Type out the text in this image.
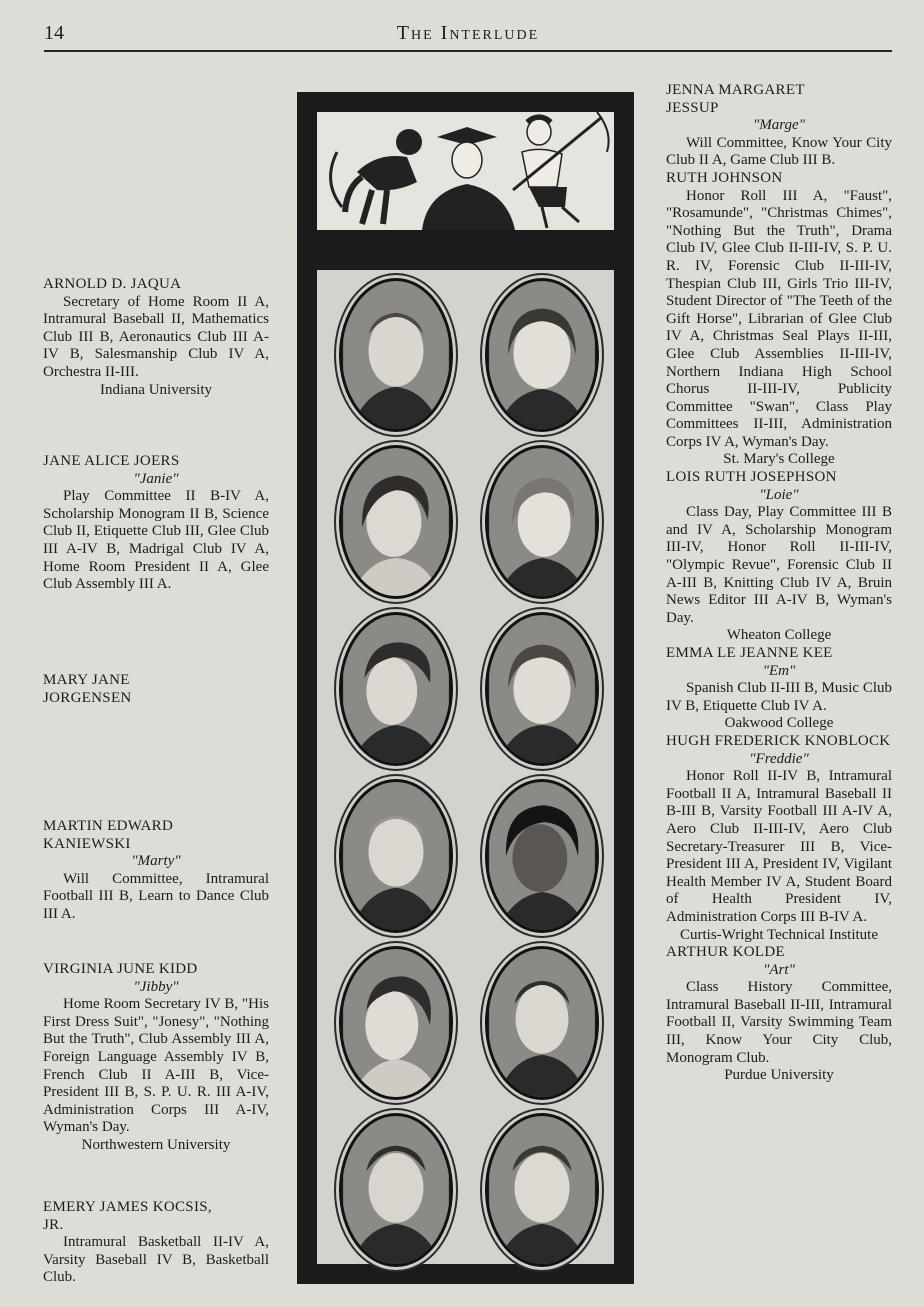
14	The Interlude
ARNOLD D. JAQUA
Secretary of Home Room II A, Intramural Baseball II, Mathematics Club III B, Aeronautics Club III A-IV B, Salesmanship Club IV A, Orchestra II-III.
Indiana University
JANE ALICE JOERS
"Janie"
Play Committee II B-IV A, Scholarship Monogram II B, Science Club II, Etiquette Club III, Glee Club III A-IV B, Madrigal Club IV A, Home Room President II A, Glee Club Assembly III A.
MARY JANE JORGENSEN
MARTIN EDWARD KANIEWSKI
"Marty"
Will Committee, Intramural Football III B, Learn to Dance Club III A.
VIRGINIA JUNE KIDD
"Jibby"
Home Room Secretary IV B, "His First Dress Suit", "Jonesy", "Nothing But the Truth", Club Assembly III A, Foreign Language Assembly IV B, French Club II A-III B, Vice-President III B, S. P. U. R. III A-IV, Administration Corps III A-IV, Wyman's Day.
Northwestern University
EMERY JAMES KOCSIS, JR.
Intramural Basketball II-IV A, Varsity Baseball IV B, Basketball Club.
JENNA MARGARET JESSUP
"Marge"
Will Committee, Know Your City Club II A, Game Club III B.
RUTH JOHNSON
Honor Roll III A, "Faust", "Rosamunde", "Christmas Chimes", "Nothing But the Truth", Drama Club IV, Glee Club II-III-IV, S. P. U. R. IV, Forensic Club II-III-IV, Thespian Club III, Girls Trio III-IV, Student Director of "The Teeth of the Gift Horse", Librarian of Glee Club IV A, Christmas Seal Plays II-III, Glee Club Assemblies II-III-IV, Northern Indiana High School Chorus II-III-IV, Publicity Committee "Swan", Class Play Committees II-III, Administration Corps IV A, Wyman's Day.
St. Mary's College
LOIS RUTH JOSEPHSON
"Loie"
Class Day, Play Committee III B and IV A, Scholarship Monogram III-IV, Honor Roll II-III-IV, "Olympic Revue", Forensic Club II A-III B, Knitting Club IV A, Bruin News Editor III A-IV B, Wyman's Day.
Wheaton College
EMMA LE JEANNE KEE
"Em"
Spanish Club II-III B, Music Club IV B, Etiquette Club IV A.
Oakwood College
HUGH FREDERICK KNOBLOCK
"Freddie"
Honor Roll II-IV B, Intramural Football II A, Intramural Baseball II B-III B, Varsity Football III A-IV A, Aero Club II-III-IV, Aero Club Secretary-Treasurer III B, Vice-President III A, President IV, Vigilant Health Member IV A, Student Board of Health President IV, Administration Corps III B-IV A.
Curtis-Wright Technical Institute
ARTHUR KOLDE
"Art"
Class History Committee, Intramural Baseball II-III, Intramural Football II, Varsity Swimming Team III, Know Your City Club, Monogram Club.
Purdue University
